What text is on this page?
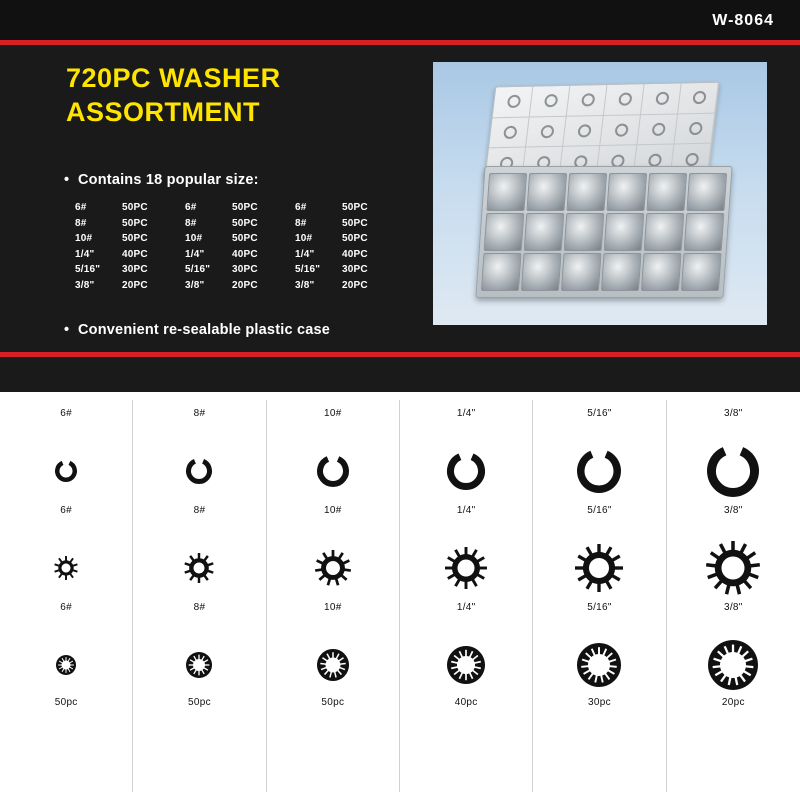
W-8064
720PC WASHER ASSORTMENT
• Contains 18 popular size:
6#
8#
10#
1/4"
5/16"
3/8"
50PC
50PC
50PC
40PC
30PC
20PC
6#
8#
10#
1/4"
5/16"
3/8"
50PC
50PC
50PC
40PC
30PC
20PC
6#
8#
10#
1/4"
5/16"
3/8"
50PC
50PC
50PC
40PC
30PC
20PC
• Convenient re-sealable plastic case
6#
6#
6#
50pc
8#
8#
8#
50pc
10#
10#
10#
50pc
1/4"
1/4"
1/4"
40pc
5/16"
5/16"
5/16"
30pc
3/8"
3/8"
3/8"
20pc
